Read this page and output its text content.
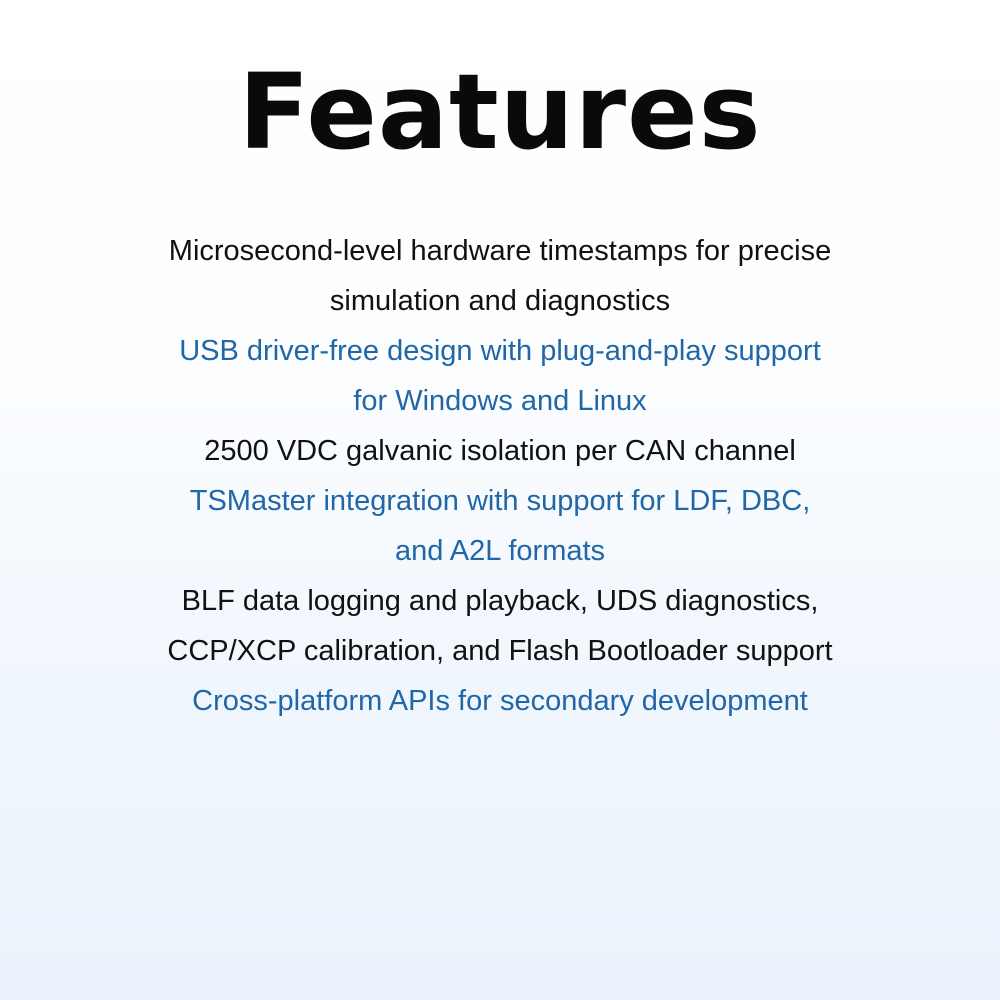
Features
Microsecond-level hardware timestamps for precise
simulation and diagnostics
USB driver-free design with plug-and-play support
for Windows and Linux
2500 VDC galvanic isolation per CAN channel
TSMaster integration with support for LDF, DBC,
and A2L formats
BLF data logging and playback, UDS diagnostics,
CCP/XCP calibration, and Flash Bootloader support
Cross-platform APIs for secondary development
